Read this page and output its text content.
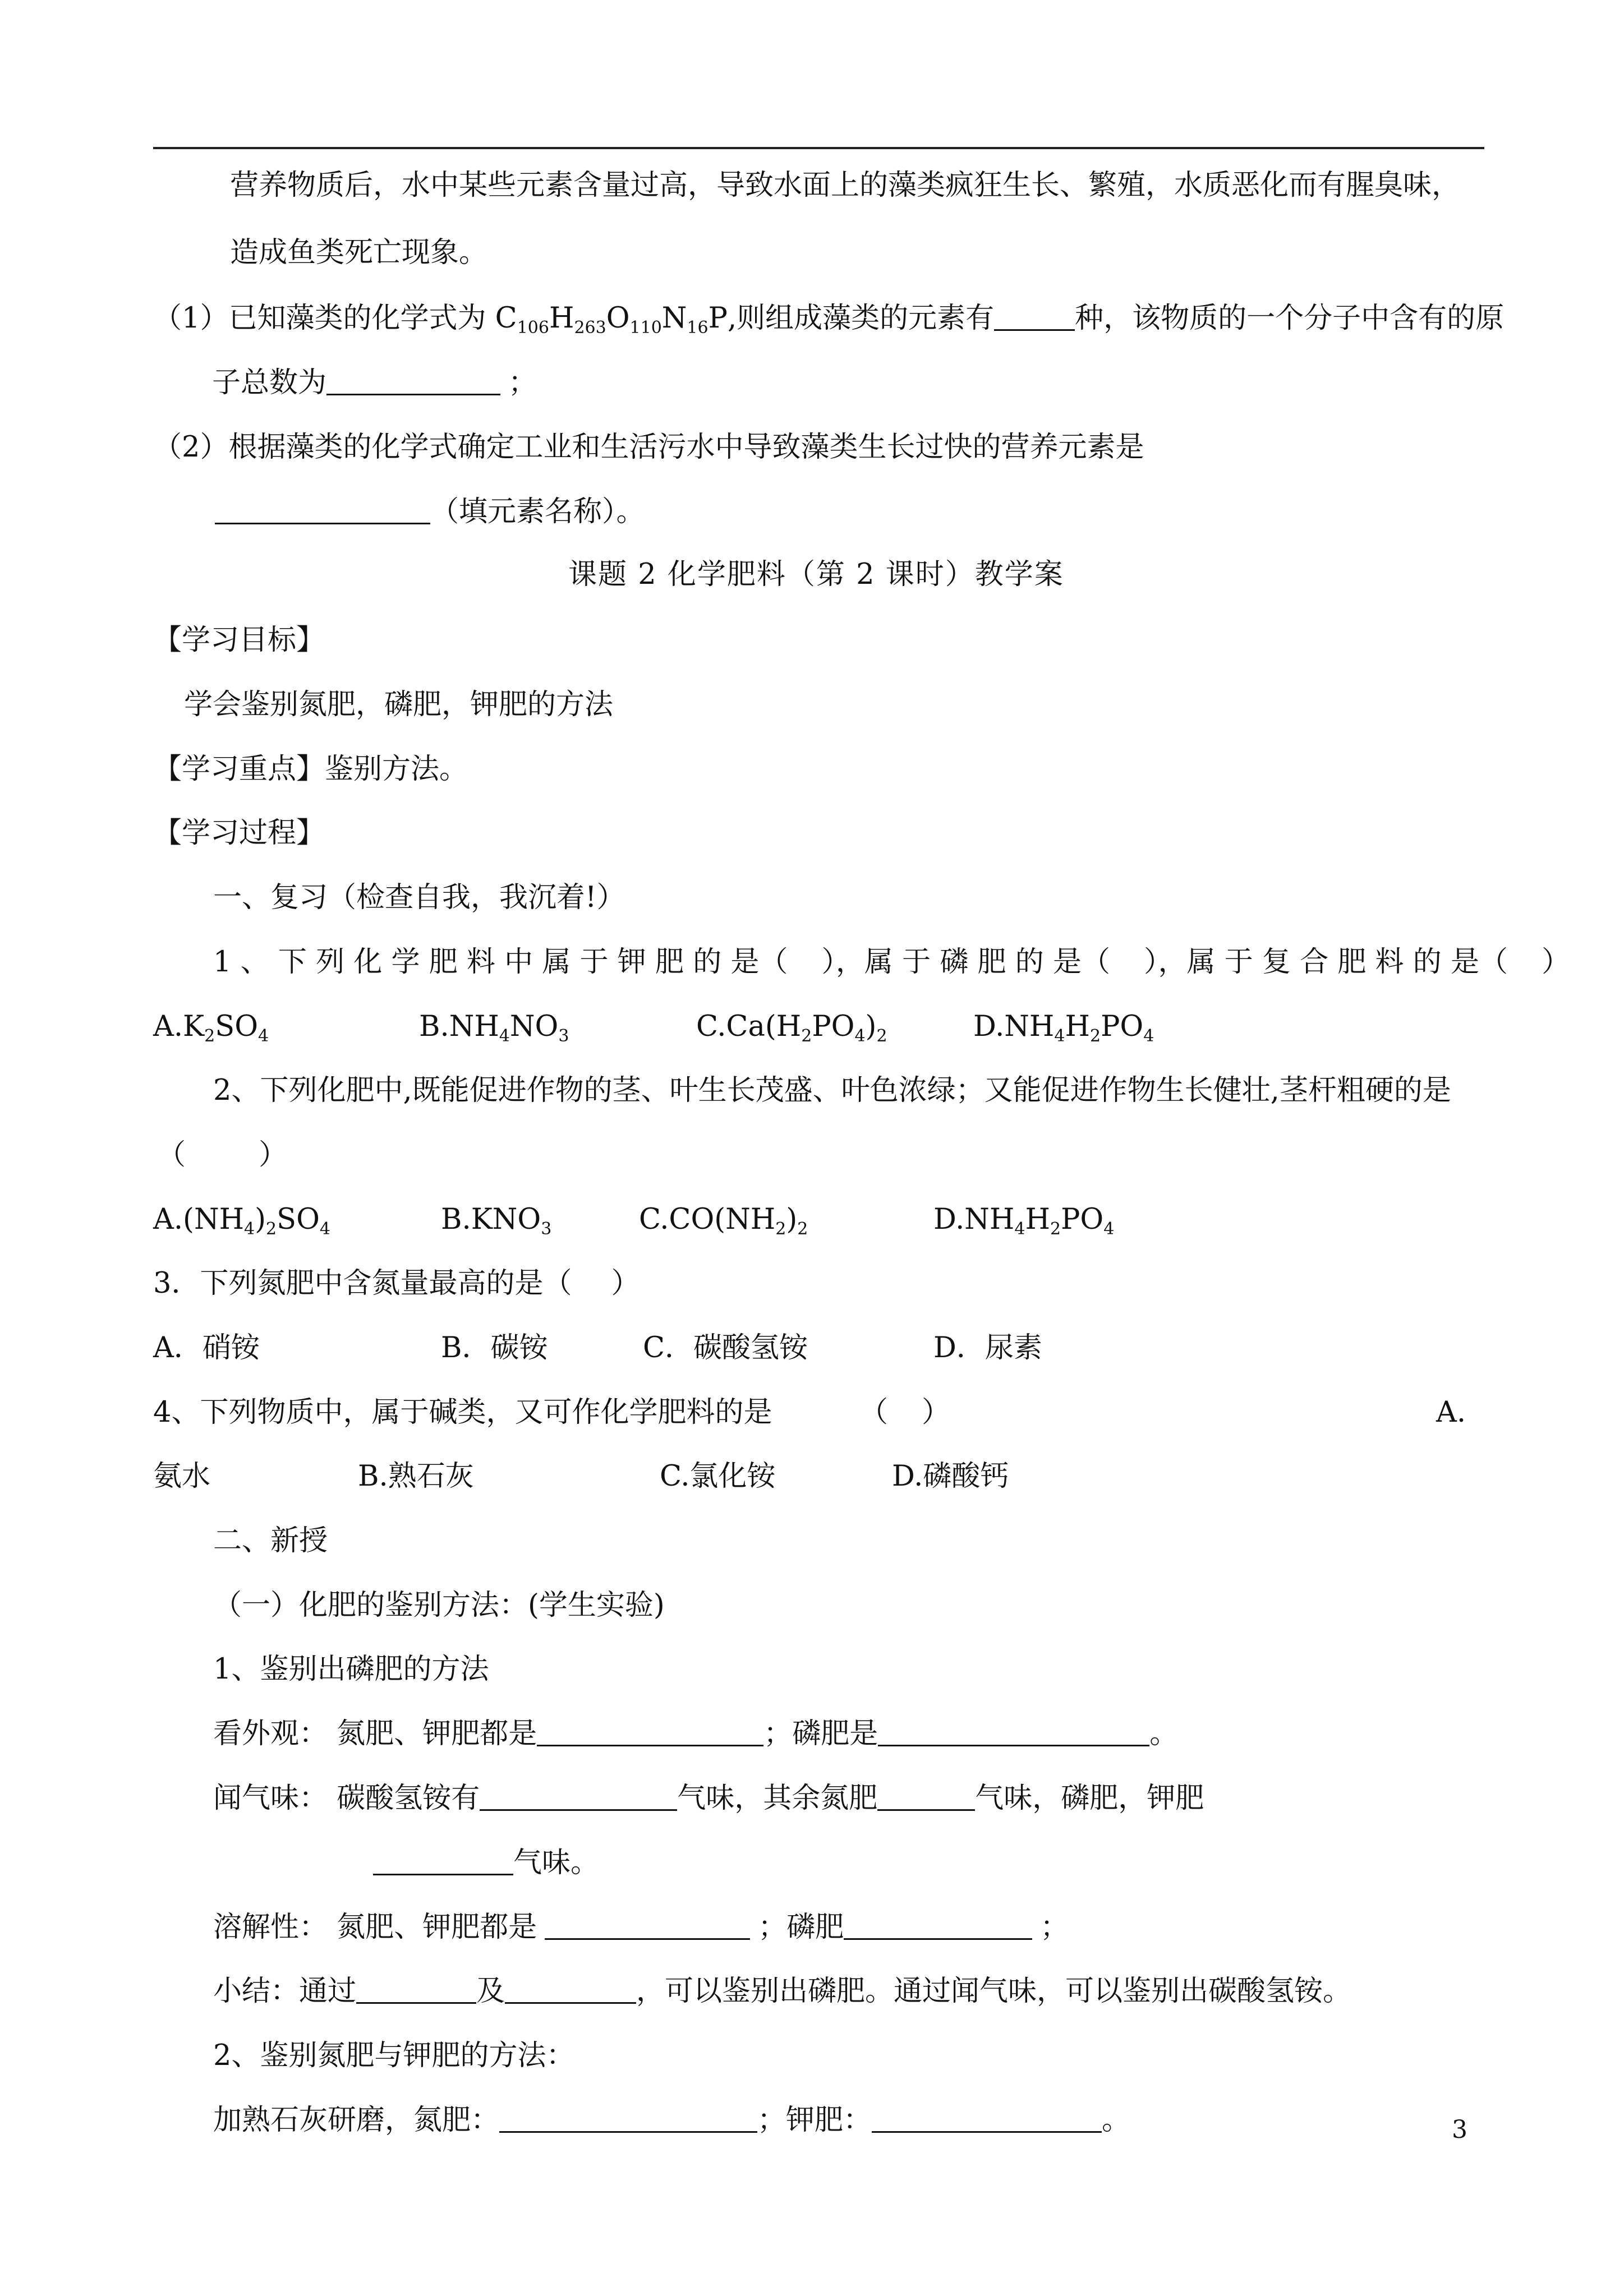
营养物质后，水中某些元素含量过高，导致水面上的藻类疯狂生长、繁殖，水质恶化而有腥臭味，
造成鱼类死亡现象。
（1）已知藻类的化学式为 $C_{106}H_{263}O_{110}N_{16}P$,则组成藻类的元素有	种，该物质的一个分子中含有的原
子总数为	；
（2）根据藻类的化学式确定工业和生活污水中导致藻类生长过快的营养元素是
（填元素名称）。
课题 2 化学肥料（第 2 课时）教学案
【学习目标】
学会鉴别氮肥，磷肥，钾肥的方法
【学习重点】鉴别方法。
【学习过程】
一、复习（检查自我，我沉着!）
1 、 下 列 化 学 肥 料 中 属 于 钾 肥 的 是（ ），属 于 磷 肥 的 是（ ），属 于 复 合 肥 料 的 是（ ）
$A.K_2SO_4$	$B.NH_4NO_3$	$C.Ca(H_2PO_4)_2$	$D.NH_4H_2PO_4$
2、下列化肥中,既能促进作物的茎、叶生长茂盛、叶色浓绿；又能促进作物生长健壮,茎杆粗硬的是
（	）
$A.(NH_4)_2SO_4$	$B.KNO_3$	$C.CO(NH_2)_2$	$D.NH_4H_2PO_4$
3．下列氮肥中含氮量最高的是（ ）
A．硝铵	B．碳铵	C．碳酸氢铵	D．尿素
4、下列物质中，属于碱类，又可作化学肥料的是	（ ）	A.
氨水	B.熟石灰	C.氯化铵	D.磷酸钙
二、新授
（一）化肥的鉴别方法：(学生实验)
1、鉴别出磷肥的方法
看外观： 氮肥、钾肥都是	；磷肥是	。
闻气味： 碳酸氢铵有	气味，其余氮肥	气味，磷肥，钾肥
气味。
溶解性： 氮肥、钾肥都是	；磷肥	；
小结：通过	及	，可以鉴别出磷肥。通过闻气味，可以鉴别出碳酸氢铵。
2、鉴别氮肥与钾肥的方法：
加熟石灰研磨，氮肥：	；钾肥：	。	3
